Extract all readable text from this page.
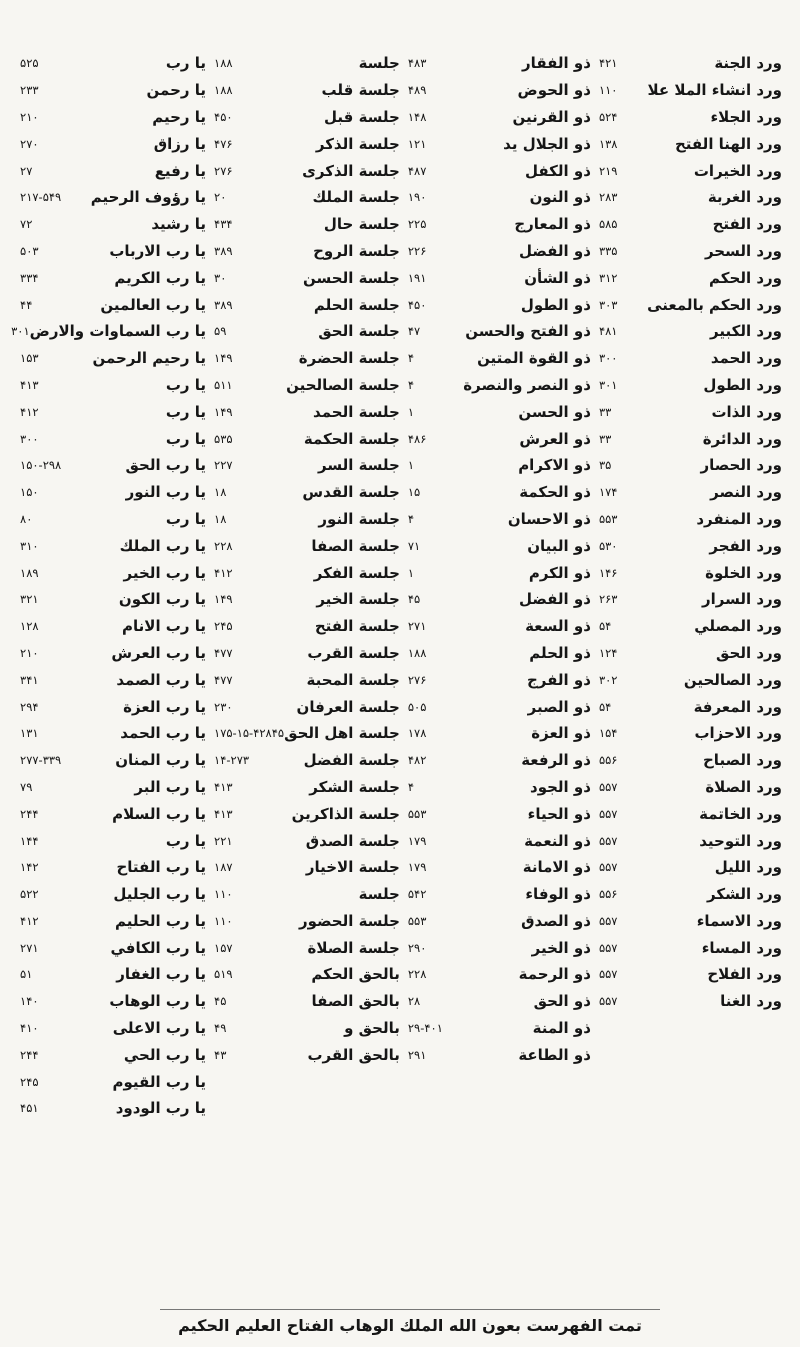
ورد الجنة
۴۲۱
ورد انشاء الملا علا
۱۱۰
ورد الجلاء
۵۲۴
ورد الهنا الفتح
۱۳۸
ورد الخيرات
۲۱۹
ورد الغربة
۲۸۳
ورد الفتح
۵۸۵
ورد السحر
۳۳۵
ورد الحكم
۳۱۲
ورد الحكم بالمعنى
۳۰۳
ورد الكبير
۴۸۱
ورد الحمد
۳۰۰
ورد الطول
۳۰۱
ورد الذات
۳۳
ورد الدائرة
۳۳
ورد الحصار
۳۵
ورد النصر
۱۷۴
ورد المنفرد
۵۵۳
ورد الفجر
۵۳۰
ورد الخلوة
۱۴۶
ورد السرار
۲۶۳
ورد المصلي
۵۴
ورد الحق
۱۲۴
ورد الصالحين
۳۰۲
ورد المعرفة
۵۴
ورد الاحزاب
۱۵۴
ورد الصباح
۵۵۶
ورد الصلاة
۵۵۷
ورد الخاتمة
۵۵۷
ورد التوحيد
۵۵۷
ورد الليل
۵۵۷
ورد الشكر
۵۵۶
ورد الاسماء
۵۵۷
ورد المساء
۵۵۷
ورد الفلاح
۵۵۷
ورد الغنا
۵۵۷
ذو الفقار
۴۸۳
ذو الحوض
۴۸۹
ذو القرنين
۱۴۸
ذو الجلال يد
۱۲۱
ذو الكفل
۴۸۷
ذو النون
۱۹۰
ذو المعارج
۲۲۵
ذو الفضل
۲۲۶
ذو الشأن
۱۹۱
ذو الطول
۴۵۰
ذو الفتح والحسن
۴۷
ذو القوة المتين
۴
ذو النصر والنصرة
۴
ذو الحسن
۱
ذو العرش
۴۸۶
ذو الاكرام
۱
ذو الحكمة
۱۵
ذو الاحسان
۴
ذو البيان
۷۱
ذو الكرم
۱
ذو الفضل
۴۵
ذو السعة
۲۷۱
ذو الحلم
۱۸۸
ذو الفرج
۲۷۶
ذو الصبر
۵۰۵
ذو العزة
۱۷۸
ذو الرفعة
۴۸۲
ذو الجود
۴
ذو الحياء
۵۵۳
ذو النعمة
۱۷۹
ذو الامانة
۱۷۹
ذو الوفاء
۵۴۲
ذو الصدق
۵۵۳
ذو الخير
۲۹۰
ذو الرحمة
۲۲۸
ذو الحق
۲۸
ذو المنة
۲۹-۴۰۱
ذو الطاعة
۲۹۱
جلسة
۱۸۸
جلسة قلب
۱۸۸
جلسة قبل
۴۵۰
جلسة الذكر
۴۷۶
جلسة الذكرى
۲۷۶
جلسة الملك
۲۰
جلسة حال
۴۳۴
جلسة الروح
۳۸۹
جلسة الحسن
۳۰
جلسة الحلم
۳۸۹
جلسة الحق
۵۹
جلسة الحضرة
۱۴۹
جلسة الصالحين
۵۱۱
جلسة الحمد
۱۴۹
جلسة الحكمة
۵۳۵
جلسة السر
۲۲۷
جلسة القدس
۱۸
جلسة النور
۱۸
جلسة الصفا
۲۲۸
جلسة الفكر
۴۱۲
جلسة الخير
۱۴۹
جلسة الفتح
۲۴۵
جلسة القرب
۴۷۷
جلسة المحبة
۴۷۷
جلسة العرفان
۲۳۰
جلسة اهل الحق
۱۷۵-۱۵-۴۲۸۴۵
جلسة الفضل
۱۴-۲۷۳
جلسة الشكر
۴۱۳
جلسة الذاكرين
۴۱۳
جلسة الصدق
۲۲۱
جلسة الاخيار
۱۸۷
جلسة
۱۱۰
جلسة الحضور
۱۱۰
جلسة الصلاة
۱۵۷
بالحق الحكم
۵۱۹
بالحق الصفا
۴۵
بالحق و
۴۹
بالحق القرب
۴۳
يا رب
۵۲۵
يا رحمن
۲۳۳
يا رحيم
۲۱۰
يا رزاق
۲۷۰
يا رفيع
۲۷
يا رؤوف الرحيم
۲۱۷-۵۴۹
يا رشيد
۷۲
يا رب الارباب
۵۰۳
يا رب الكريم
۳۳۴
يا رب العالمين
۴۴
يا رب السماوات والارض
۳۰۱
يا رحيم الرحمن
۱۵۳
يا رب
۴۱۳
يا رب
۴۱۲
يا رب
۳۰۰
يا رب الحق
۱۵۰-۲۹۸
يا رب النور
۱۵۰
يا رب
۸۰
يا رب الملك
۳۱۰
يا رب الخير
۱۸۹
يا رب الكون
۳۲۱
يا رب الانام
۱۲۸
يا رب العرش
۲۱۰
يا رب الصمد
۳۴۱
يا رب العزة
۲۹۴
يا رب الحمد
۱۳۱
يا رب المنان
۲۷۷-۳۳۹
يا رب البر
۷۹
يا رب السلام
۲۴۴
يا رب
۱۴۴
يا رب الفتاح
۱۴۲
يا رب الجليل
۵۲۲
يا رب الحليم
۴۱۲
يا رب الكافي
۲۷۱
يا رب الغفار
۵۱
يا رب الوهاب
۱۴۰
يا رب الاعلى
۴۱۰
يا رب الحي
۲۴۴
يا رب القيوم
۲۴۵
يا رب الودود
۴۵۱
تمت الفهرست بعون الله الملك الوهاب الفتاح العليم الحكيم
